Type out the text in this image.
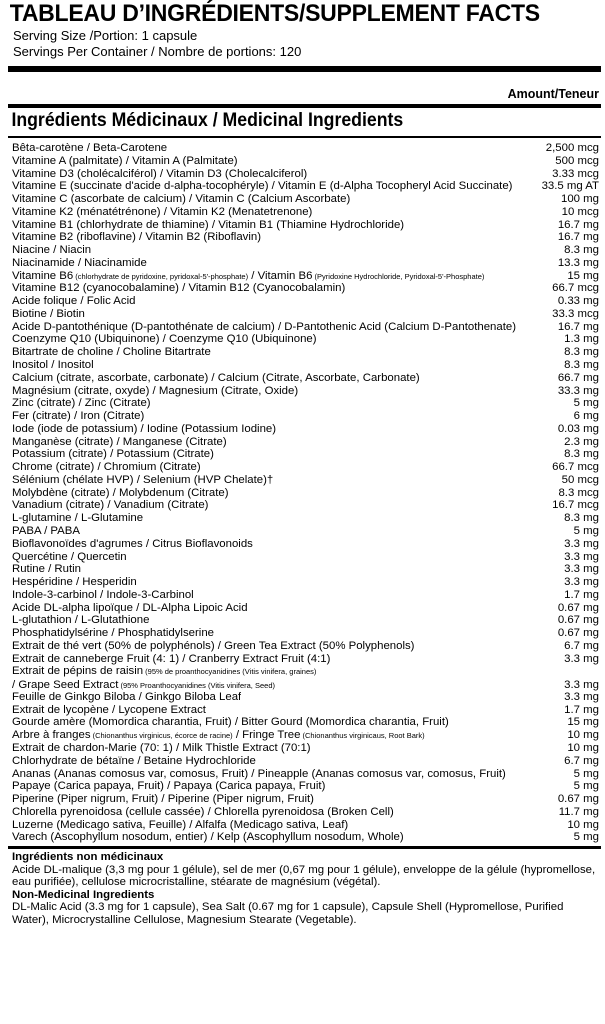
TABLEAU D’INGRÉDIENTS/SUPPLEMENT FACTS
Serving Size /Portion: 1 capsule
Servings Per Container / Nombre de portions: 120
Amount/Teneur
Ingrédients Médicinaux / Medicinal Ingredients
Bêta-carotène / Beta-Carotene	2,500 mcg
Vitamine A (palmitate) / Vitamin A (Palmitate)	500 mcg
Vitamine D3 (cholécalciférol) / Vitamin D3 (Cholecalciferol)	3.33 mcg
Vitamine E (succinate d'acide d-alpha-tocophéryle) / Vitamin E (d-Alpha Tocopheryl Acid Succinate)	33.5 mg AT
Vitamine C (ascorbate de calcium) / Vitamin C (Calcium Ascorbate)	100 mg
Vitamine K2 (ménatétrénone) / Vitamin K2 (Menatetrenone)	10 mcg
Vitamine B1 (chlorhydrate de thiamine) / Vitamin B1 (Thiamine Hydrochloride)	16.7 mg
Vitamine B2 (riboflavine) / Vitamin B2 (Riboflavin)	16.7 mg
Niacine / Niacin	8.3 mg
Niacinamide / Niacinamide	13.3 mg
Vitamine B6 (chlorhydrate de pyridoxine, pyridoxal-5'-phosphate) / Vitamin B6 (Pyridoxine Hydrochloride, Pyridoxal-5'-Phosphate)	15 mg
Vitamine B12 (cyanocobalamine) / Vitamin B12 (Cyanocobalamin)	66.7 mcg
Acide folique / Folic Acid	0.33 mg
Biotine / Biotin	33.3 mcg
Acide D-pantothénique (D-pantothénate de calcium) / D-Pantothenic Acid (Calcium D-Pantothenate)	16.7 mg
Coenzyme Q10 (Ubiquinone) / Coenzyme Q10 (Ubiquinone)	1.3 mg
Bitartrate de choline / Choline Bitartrate	8.3 mg
Inositol / Inositol	8.3 mg
Calcium (citrate, ascorbate, carbonate) / Calcium (Citrate, Ascorbate, Carbonate)	66.7 mg
Magnésium (citrate, oxyde) / Magnesium (Citrate, Oxide)	33.3 mg
Zinc (citrate) / Zinc (Citrate)	5 mg
Fer (citrate) / Iron (Citrate)	6 mg
Iode (iode de potassium) / Iodine (Potassium Iodine)	0.03 mg
Manganèse (citrate) / Manganese (Citrate)	2.3 mg
Potassium (citrate) / Potassium (Citrate)	8.3 mg
Chrome (citrate) / Chromium (Citrate)	66.7 mcg
Sélénium (chélate HVP) / Selenium (HVP Chelate)†	50 mcg
Molybdène (citrate) / Molybdenum (Citrate)	8.3 mcg
Vanadium (citrate) / Vanadium (Citrate)	16.7 mcg
L-glutamine / L-Glutamine	8.3 mg
PABA / PABA	5 mg
Bioflavonoïdes d'agrumes / Citrus Bioflavonoids	3.3 mg
Quercétine / Quercetin	3.3 mg
Rutine / Rutin	3.3 mg
Hespéridine / Hesperidin	3.3 mg
Indole-3-carbinol / Indole-3-Carbinol	1.7 mg
Acide DL-alpha lipoïque / DL-Alpha Lipoic Acid	0.67 mg
L-glutathion / L-Glutathione	0.67 mg
Phosphatidylsérine / Phosphatidylserine	0.67 mg
Extrait de thé vert (50% de polyphénols) / Green Tea Extract (50% Polyphenols)	6.7 mg
Extrait de canneberge Fruit (4: 1) / Cranberry Extract Fruit (4:1)	3.3 mg
Extrait de pépins de raisin (95% de proanthocyanidines (Vitis vinifera, graines)
/ Grape Seed Extract (95% Proanthocyanidines (Vitis vinifera, Seed)	3.3 mg
Feuille de Ginkgo Biloba / Ginkgo Biloba Leaf	3.3 mg
Extrait de lycopène / Lycopene Extract	1.7 mg
Gourde amère (Momordica charantia, Fruit) / Bitter Gourd (Momordica charantia, Fruit)	15 mg
Arbre à franges (Chionanthus virginicus, écorce de racine) / Fringe Tree (Chionanthus virginicaus, Root Bark)	10 mg
Extrait de chardon-Marie (70: 1) / Milk Thistle Extract (70:1)	10 mg
Chlorhydrate de bétaïne / Betaine Hydrochloride	6.7 mg
Ananas (Ananas comosus var, comosus, Fruit) / Pineapple (Ananas comosus var, comosus, Fruit)	5 mg
Papaye (Carica papaya, Fruit) / Papaya (Carica papaya, Fruit)	5 mg
Piperine (Piper nigrum, Fruit) / Piperine (Piper nigrum, Fruit)	0.67 mg
Chlorella pyrenoidosa (cellule cassée) / Chlorella pyrenoidosa (Broken Cell)	11.7 mg
Luzerne (Medicago sativa, Feuille) / Alfalfa (Medicago sativa, Leaf)	10 mg
Varech (Ascophyllum nosodum, entier) / Kelp (Ascophyllum nosodum, Whole)	5 mg
Ingrédients non médicinaux
Acide DL-malique (3,3 mg pour 1 gélule), sel de mer (0,67 mg pour 1 gélule), enveloppe de la gélule (hypromellose, eau purifiée), cellulose microcristalline, stéarate de magnésium (végétal).
Non-Medicinal Ingredients
DL-Malic Acid (3.3 mg for 1 capsule), Sea Salt (0.67 mg for 1 capsule), Capsule Shell (Hypromellose, Purified Water), Microcrystalline Cellulose, Magnesium Stearate (Vegetable).
